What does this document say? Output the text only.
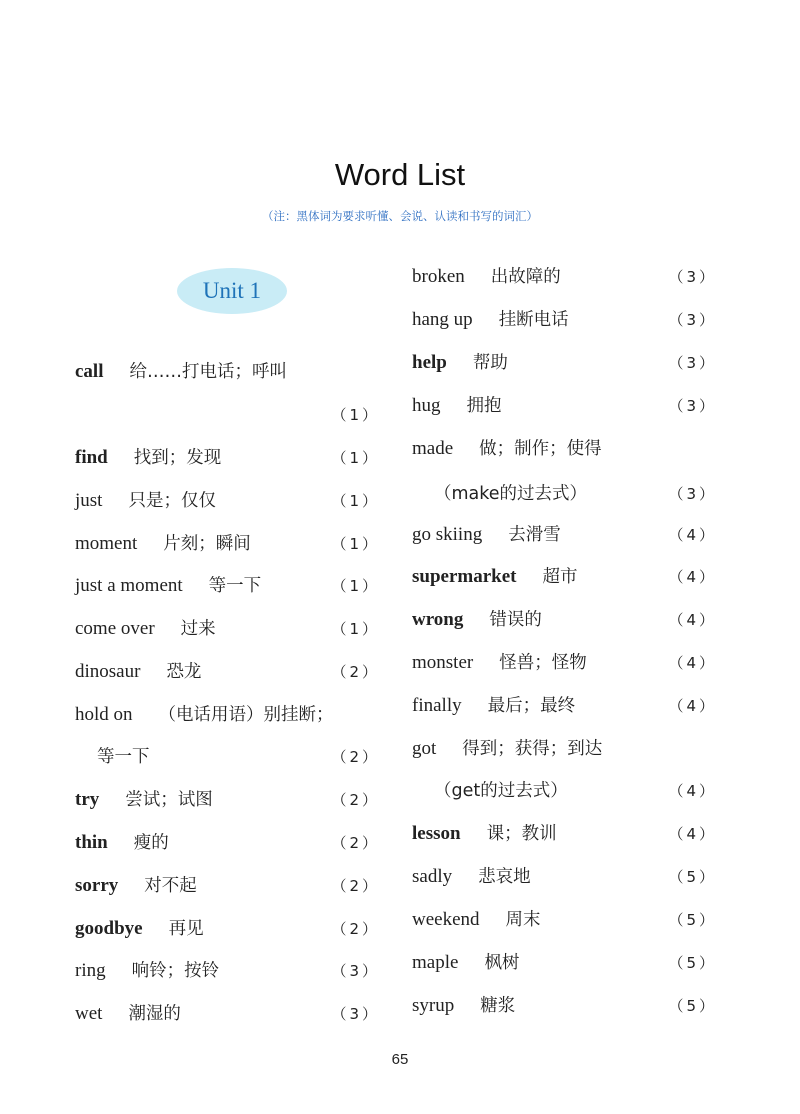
Word List
（注：黑体词为要求听懂、会说、认读和书写的词汇）
Unit 1
call 给……打电话；呼叫
（1）
find 找到；发现	（1）
just 只是；仅仅	（1）
moment 片刻；瞬间	（1）
just a moment 等一下	（1）
come over 过来	（1）
dinosaur 恐龙	（2）
hold on （电话用语）别挂断；
等一下	（2）
try 尝试；试图	（2）
thin 瘦的	（2）
sorry 对不起	（2）
goodbye 再见	（2）
ring 响铃；按铃	（3）
wet 潮湿的	（3）
broken 出故障的	（3）
hang up 挂断电话	（3）
help 帮助	（3）
hug 拥抱	（3）
made 做；制作；使得
（make的过去式）	（3）
go skiing 去滑雪	（4）
supermarket 超市	（4）
wrong 错误的	（4）
monster 怪兽；怪物	（4）
finally 最后；最终	（4）
got 得到；获得；到达
（get的过去式）	（4）
lesson 课；教训	（4）
sadly 悲哀地	（5）
weekend 周末	（5）
maple 枫树	（5）
syrup 糖浆	（5）
65
